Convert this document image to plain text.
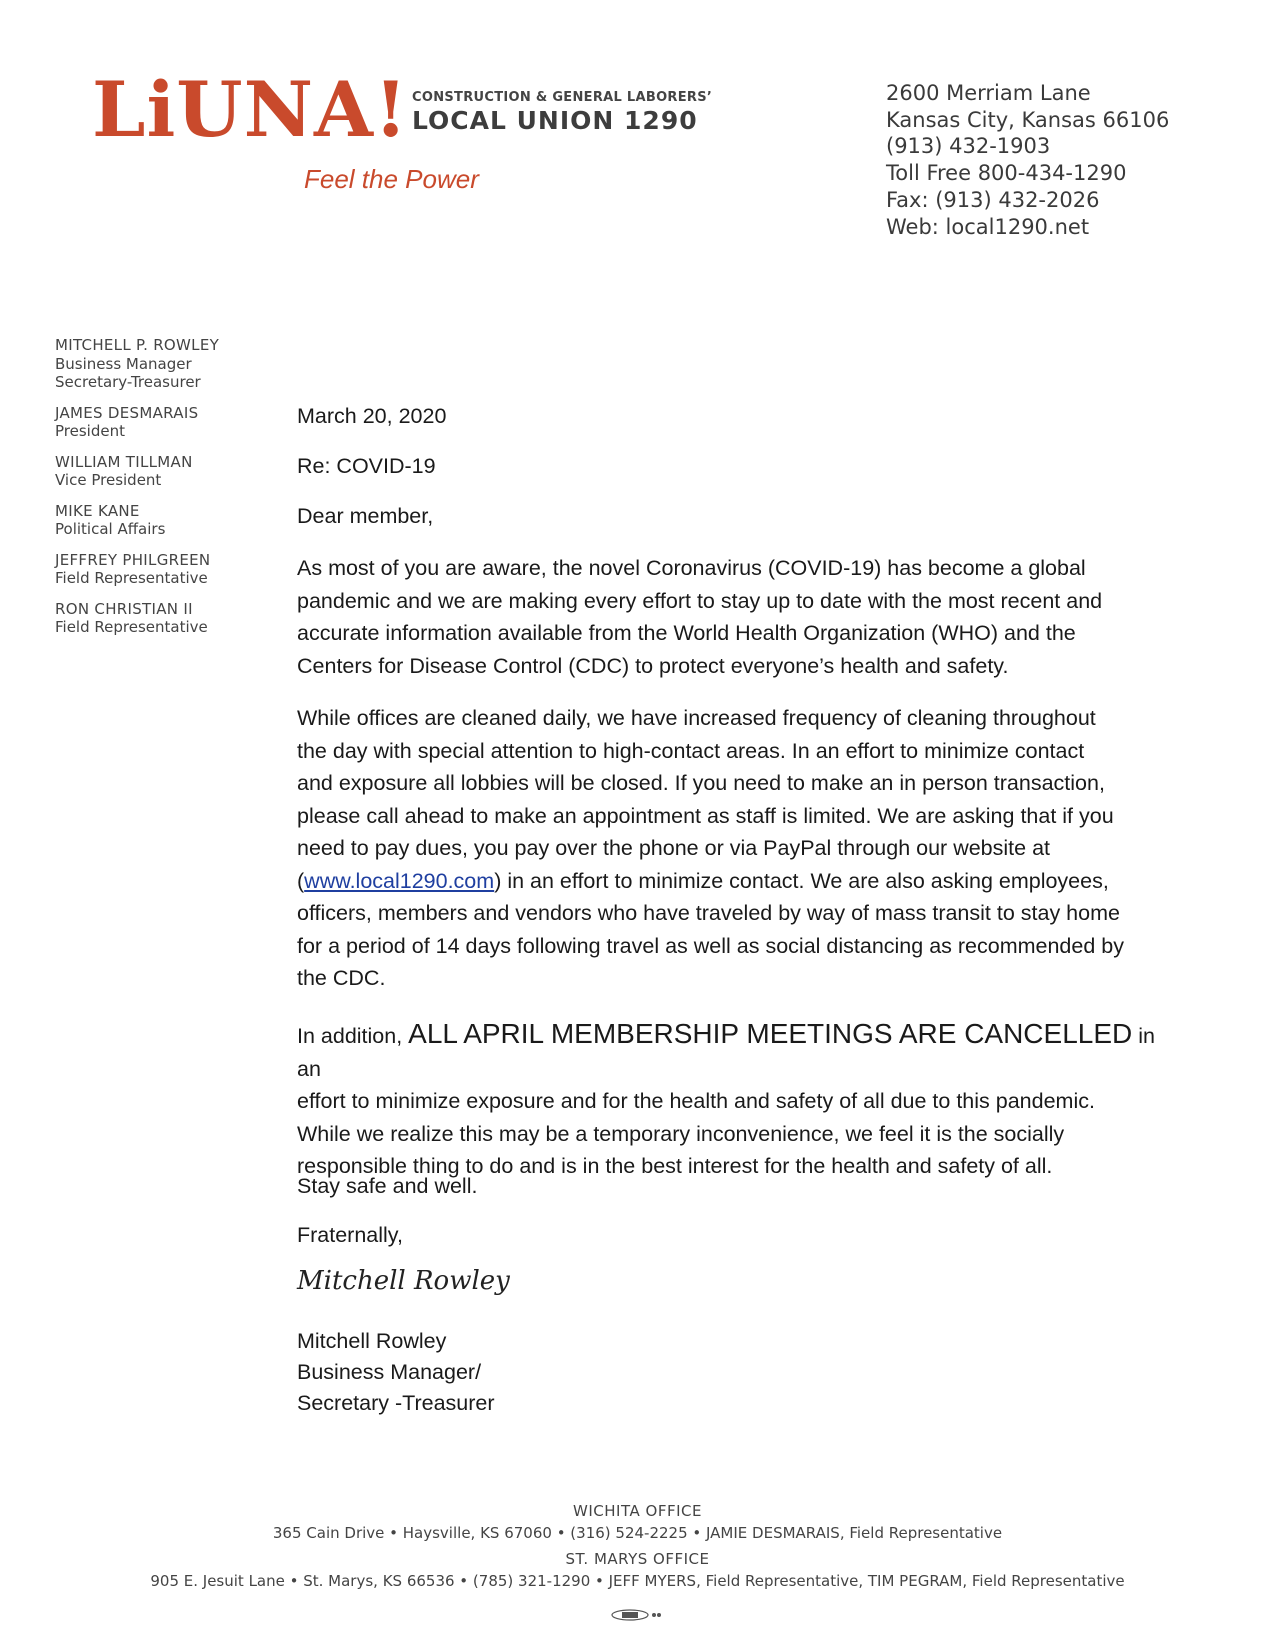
LiUNA! CONSTRUCTION & GENERAL LABORERS’
LOCAL UNION 1290
Feel the Power
2600 Merriam Lane
Kansas City, Kansas 66106
(913) 432-1903
Toll Free 800-434-1290
Fax: (913) 432-2026
Web: local1290.net
MITCHELL P. ROWLEY
Business Manager
Secretary-Treasurer
JAMES DESMARAIS
President
WILLIAM TILLMAN
Vice President
MIKE KANE
Political Affairs
JEFFREY PHILGREEN
Field Representative
RON CHRISTIAN II
Field Representative

March 20, 2020

Re: COVID-19

Dear member,

As most of you are aware, the novel Coronavirus (COVID-19) has become a global
pandemic and we are making every effort to stay up to date with the most recent and
accurate information available from the World Health Organization (WHO) and the
Centers for Disease Control (CDC) to protect everyone’s health and safety.

While offices are cleaned daily, we have increased frequency of cleaning throughout
the day with special attention to high-contact areas. In an effort to minimize contact
and exposure all lobbies will be closed. If you need to make an in person transaction,
please call ahead to make an appointment as staff is limited. We are asking that if you
need to pay dues, you pay over the phone or via PayPal through our website at
(www.local1290.com) in an effort to minimize contact. We are also asking employees,
officers, members and vendors who have traveled by way of mass transit to stay home
for a period of 14 days following travel as well as social distancing as recommended by
the CDC.

In addition, ALL APRIL MEMBERSHIP MEETINGS ARE CANCELLED in an
effort to minimize exposure and for the health and safety of all due to this pandemic.
While we realize this may be a temporary inconvenience, we feel it is the socially
responsible thing to do and is in the best interest for the health and safety of all.

Stay safe and well.

Fraternally,

Mitchell Rowley

Mitchell Rowley
Business Manager/
Secretary -Treasurer

WICHITA OFFICE
365 Cain Drive • Haysville, KS 67060 • (316) 524-2225 • JAMIE DESMARAIS, Field Representative
ST. MARYS OFFICE
905 E. Jesuit Lane • St. Marys, KS 66536 • (785) 321-1290 • JEFF MYERS, Field Representative, TIM PEGRAM, Field Representative
